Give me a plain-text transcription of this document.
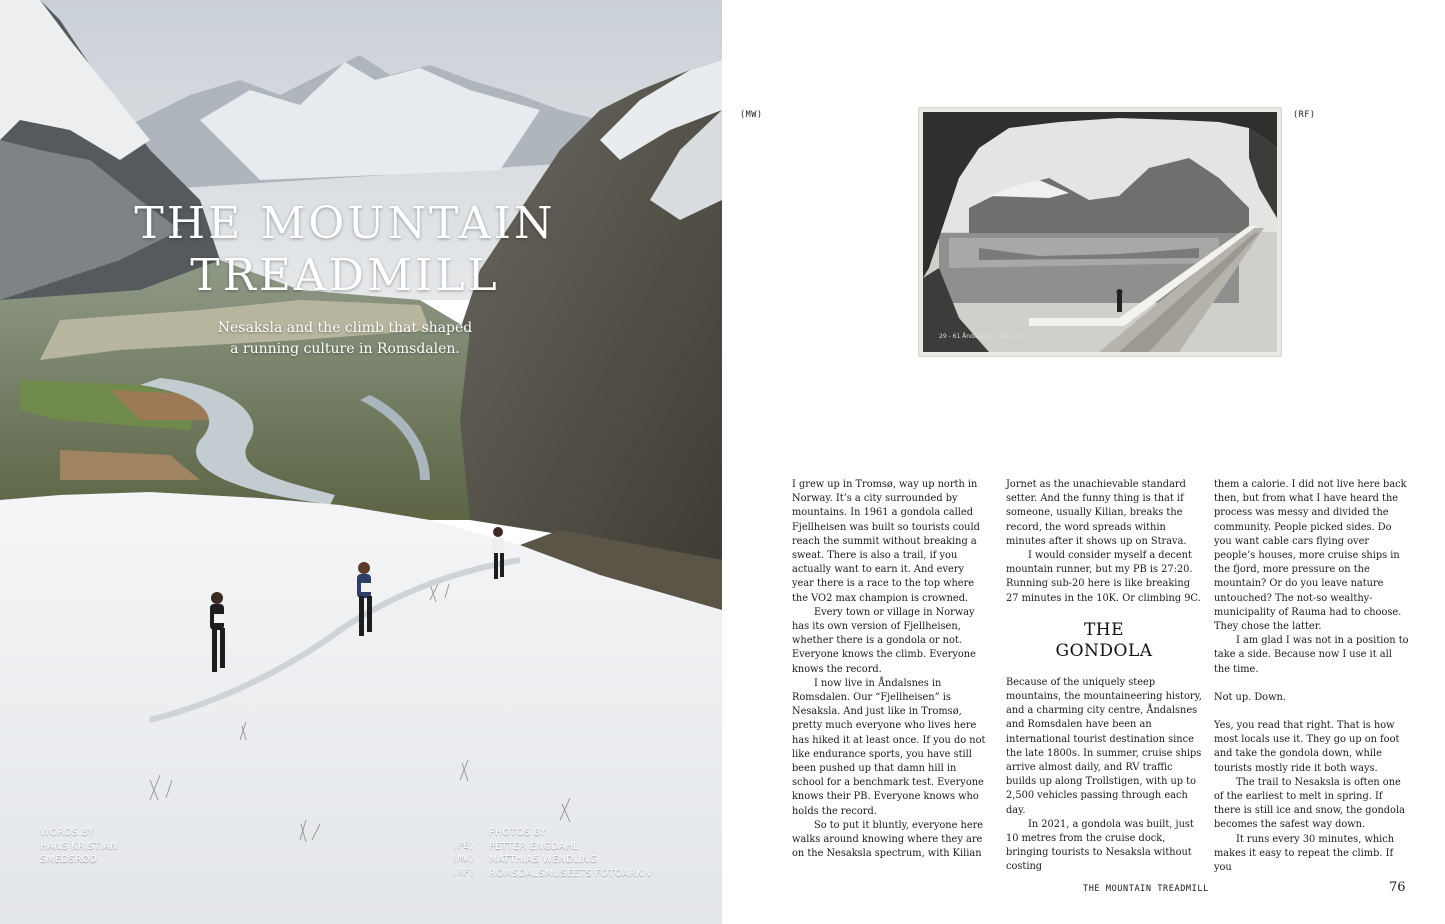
THE MOUNTAIN
TREADMILL
Nesaksla and the climb that shaped
a running culture in Romsdalen.
WORDS BY
HANS KRISTIAN
SMEDSRØD
PHOTOS BY
(PE)	PETTER ENGDAHL
(MW)	MATTHIAS WENDLING
(RF)	ROMSDALSMUSEETS FOTOARKIV
(MW)	(RF)
29 - 61 Åndalsnes - Alesund

I grew up in Tromsø, way up north in Norway. It’s a city surrounded by mountains. In 1961 a gondola called Fjellheisen was built so tourists could reach the summit without breaking a sweat. There is also a trail, if you actually want to earn it. And every year there is a race to the top where the VO2 max champion is crowned.

Every town or village in Norway has its own version of Fjellheisen, whether there is a gondola or not. Everyone knows the climb. Everyone knows the record.

I now live in Åndalsnes in Romsdalen. Our “Fjellheisen” is Nesaksla. And just like in Tromsø, pretty much everyone who lives here has hiked it at least once. If you do not like endurance sports, you have still been pushed up that damn hill in school for a benchmark test. Everyone knows their PB. Everyone knows who holds the record.

So to put it bluntly, everyone here walks around knowing where they are on the Nesaksla spectrum, with Kilian

Jornet as the unachievable standard setter. And the funny thing is that if someone, usually Kilian, breaks the record, the word spreads within minutes after it shows up on Strava.

I would consider myself a decent mountain runner, but my PB is 27:20. Running sub-20 here is like breaking 27 minutes in the 10K. Or climbing 9C.

THE
GONDOLA

Because of the uniquely steep mountains, the mountaineering history, and a charming city centre, Åndalsnes and Romsdalen have been an international tourist destination since the late 1800s. In summer, cruise ships arrive almost daily, and RV traffic builds up along Trollstigen, with up to 2,500 vehicles passing through each day.

In 2021, a gondola was built, just 10 metres from the cruise dock, bringing tourists to Nesaksla without costing

them a calorie. I did not live here back then, but from what I have heard the process was messy and divided the community. People picked sides. Do you want cable cars flying over people’s houses, more cruise ships in the fjord, more pressure on the mountain? Or do you leave nature untouched? The not-so wealthy-municipality of Rauma had to choose. They chose the latter.

I am glad I was not in a position to take a side. Because now I use it all the time.

Not up. Down.

Yes, you read that right. That is how most locals use it. They go up on foot and take the gondola down, while tourists mostly ride it both ways.

The trail to Nesaksla is often one of the earliest to melt in spring. If there is still ice and snow, the gondola becomes the safest way down.

It runs every 30 minutes, which makes it easy to repeat the climb. If you

THE MOUNTAIN TREADMILL	76
